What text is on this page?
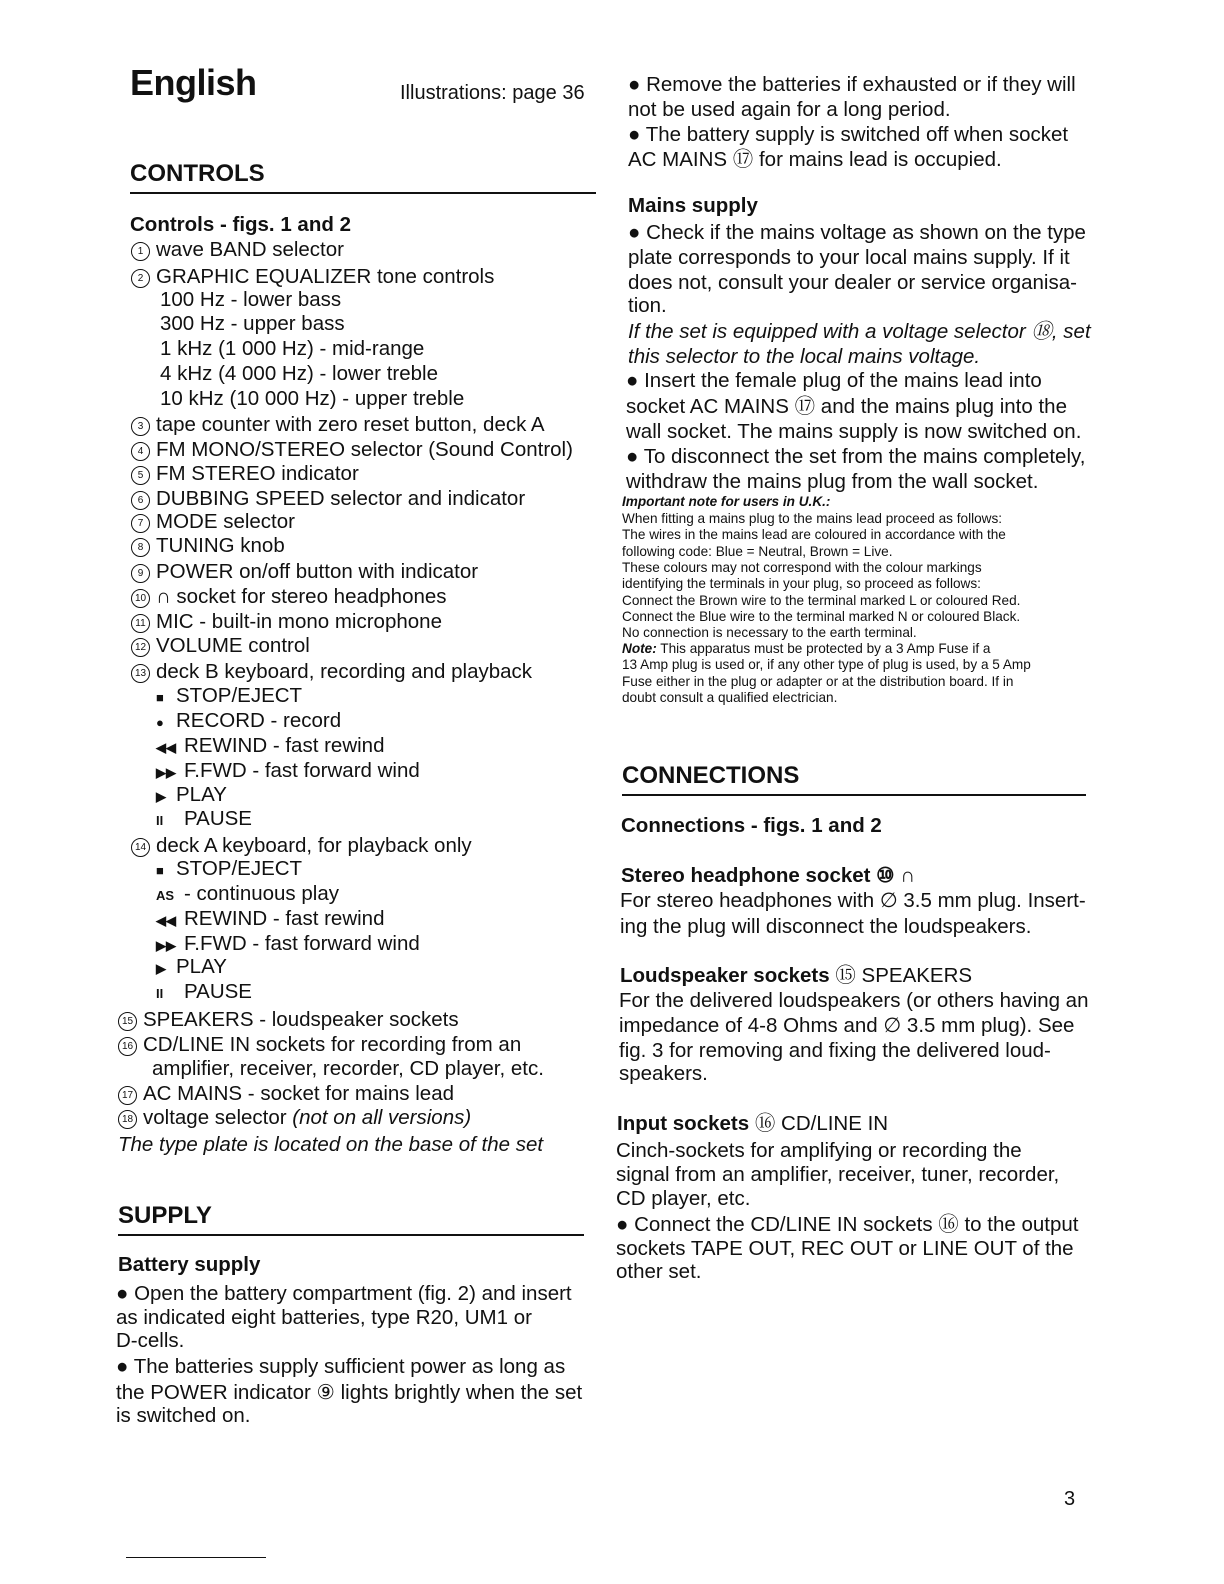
English	Illustrations: page 36
CONTROLS
Controls - figs. 1 and 2
1 wave BAND selector
2 GRAPHIC EQUALIZER tone controls
100 Hz - lower bass
300 Hz - upper bass
1 kHz (1 000 Hz) - mid-range
4 kHz (4 000 Hz) - lower treble
10 kHz (10 000 Hz) - upper treble
3 tape counter with zero reset button, deck A
4 FM MONO/STEREO selector (Sound Control)
5 FM STEREO indicator
6 DUBBING SPEED selector and indicator
7 MODE selector
8 TUNING knob
9 POWER on/off button with indicator
10 ∩ socket for stereo headphones
11 MIC - built-in mono microphone
12 VOLUME control
13 deck B keyboard, recording and playback
■ STOP/EJECT
● RECORD - record
◀◀ REWIND - fast rewind
▶▶ F.FWD - fast forward wind
▶ PLAY
II PAUSE
14 deck A keyboard, for playback only
■ STOP/EJECT
AS - continuous play
◀◀ REWIND - fast rewind
▶▶ F.FWD - fast forward wind
▶ PLAY
II PAUSE
15 SPEAKERS - loudspeaker sockets
16 CD/LINE IN sockets for recording from an
amplifier, receiver, recorder, CD player, etc.
17 AC MAINS - socket for mains lead
18 voltage selector (not on all versions)
The type plate is located on the base of the set
SUPPLY
Battery supply
● Open the battery compartment (fig. 2) and insert
as indicated eight batteries, type R20, UM1 or
D-cells.
● The batteries supply sufficient power as long as
the POWER indicator ⑨ lights brightly when the set
is switched on.
● Remove the batteries if exhausted or if they will
not be used again for a long period.
● The battery supply is switched off when socket
AC MAINS ⑰ for mains lead is occupied.
Mains supply
● Check if the mains voltage as shown on the type
plate corresponds to your local mains supply. If it
does not, consult your dealer or service organisa-
tion.
If the set is equipped with a voltage selector ⑱, set
this selector to the local mains voltage.
● Insert the female plug of the mains lead into
socket AC MAINS ⑰ and the mains plug into the
wall socket. The mains supply is now switched on.
● To disconnect the set from the mains completely,
withdraw the mains plug from the wall socket.
Important note for users in U.K.:
When fitting a mains plug to the mains lead proceed as follows:
The wires in the mains lead are coloured in accordance with the
following code: Blue = Neutral, Brown = Live.
These colours may not correspond with the colour markings
identifying the terminals in your plug, so proceed as follows:
Connect the Brown wire to the terminal marked L or coloured Red.
Connect the Blue wire to the terminal marked N or coloured Black.
No connection is necessary to the earth terminal.
Note: This apparatus must be protected by a 3 Amp Fuse if a
13 Amp plug is used or, if any other type of plug is used, by a 5 Amp
Fuse either in the plug or adapter or at the distribution board. If in
doubt consult a qualified electrician.
CONNECTIONS
Connections - figs. 1 and 2
Stereo headphone socket ⑩ ∩
For stereo headphones with ∅ 3.5 mm plug. Insert-
ing the plug will disconnect the loudspeakers.
Loudspeaker sockets ⑮ SPEAKERS
For the delivered loudspeakers (or others having an
impedance of 4-8 Ohms and ∅ 3.5 mm plug). See
fig. 3 for removing and fixing the delivered loud-
speakers.
Input sockets ⑯ CD/LINE IN
Cinch-sockets for amplifying or recording the
signal from an amplifier, receiver, tuner, recorder,
CD player, etc.
● Connect the CD/LINE IN sockets ⑯ to the output
sockets TAPE OUT, REC OUT or LINE OUT of the
other set.
3
